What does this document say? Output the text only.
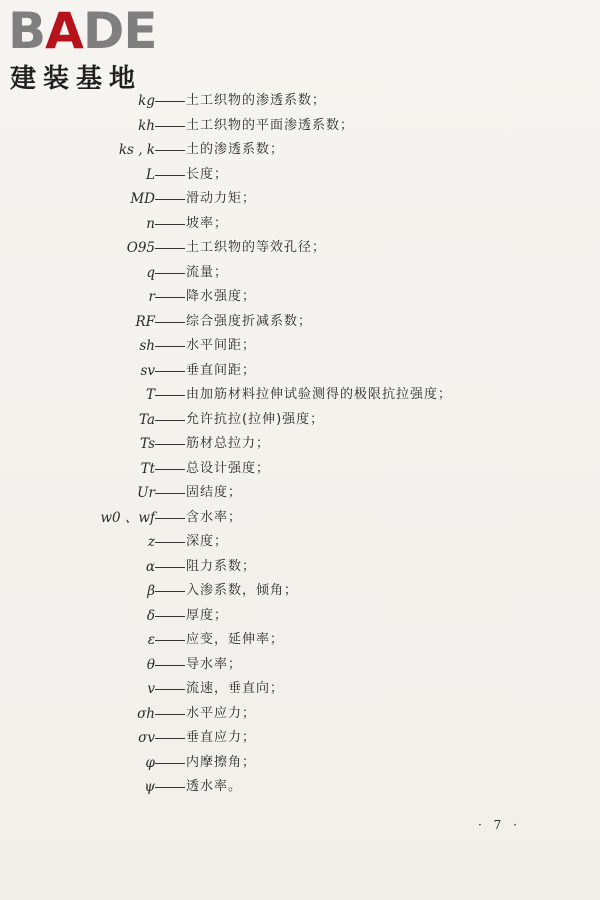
BADE
建装基地
kg 土工织物的渗透系数；
kh 土工织物的平面渗透系数；
ks , k 土的渗透系数；
L 长度；
MD 滑动力矩；
n 坡率；
O95 土工织物的等效孔径；
q 流量；
r 降水强度；
RF 综合强度折减系数；
sh 水平间距；
sv 垂直间距；
T 由加筋材料拉伸试验测得的极限抗拉强度；
Ta 允许抗拉(拉伸)强度；
Ts 筋材总拉力；
Tt 总设计强度；
Ur 固结度；
w0 、wf 含水率；
z 深度；
α 阻力系数；
β 入渗系数，倾角；
δ 厚度；
ε 应变，延伸率；
θ 导水率；
v 流速，垂直向；
σh 水平应力；
σv 垂直应力；
φ 内摩擦角；
ψ 透水率。
· 7 ·
